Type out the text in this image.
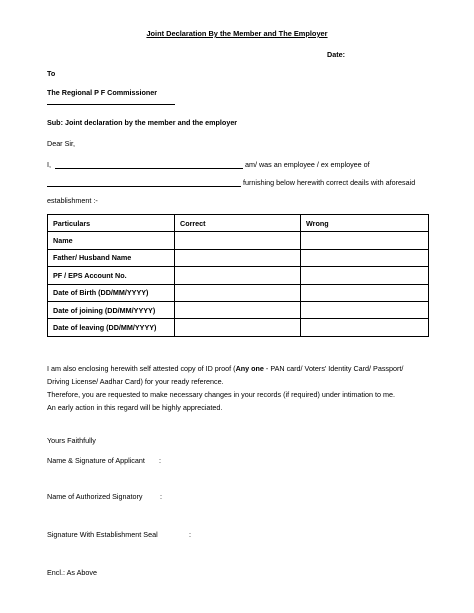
Joint Declaration By the Member and The Employer
Date:
To
The Regional P F Commissioner
Sub: Joint declaration by the member and the employer
Dear Sir,
I,	am/ was an employee / ex employee of
furnishing below herewith correct deails with aforesaid
establishment :-
Particulars	Correct	Wrong
Name		
Father/ Husband Name		
PF / EPS Account No.		
Date of Birth (DD/MM/YYYY)		
Date of joining (DD/MM/YYYY)		
Date of leaving (DD/MM/YYYY)		
I am also enclosing herewith self attested copy of ID proof (Any one - PAN card/ Voters' Identity Card/ Passport/
Driving License/ Aadhar Card) for your ready reference.
Therefore, you are requested to make necessary changes in your records (if required) under intimation to me.
An early action in this regard will be highly appreciated.
Yours Faithfully
Name & Signature of Applicant :
Name of Authorized Signatory :
Signature With Establishment Seal	:
Encl.: As Above
